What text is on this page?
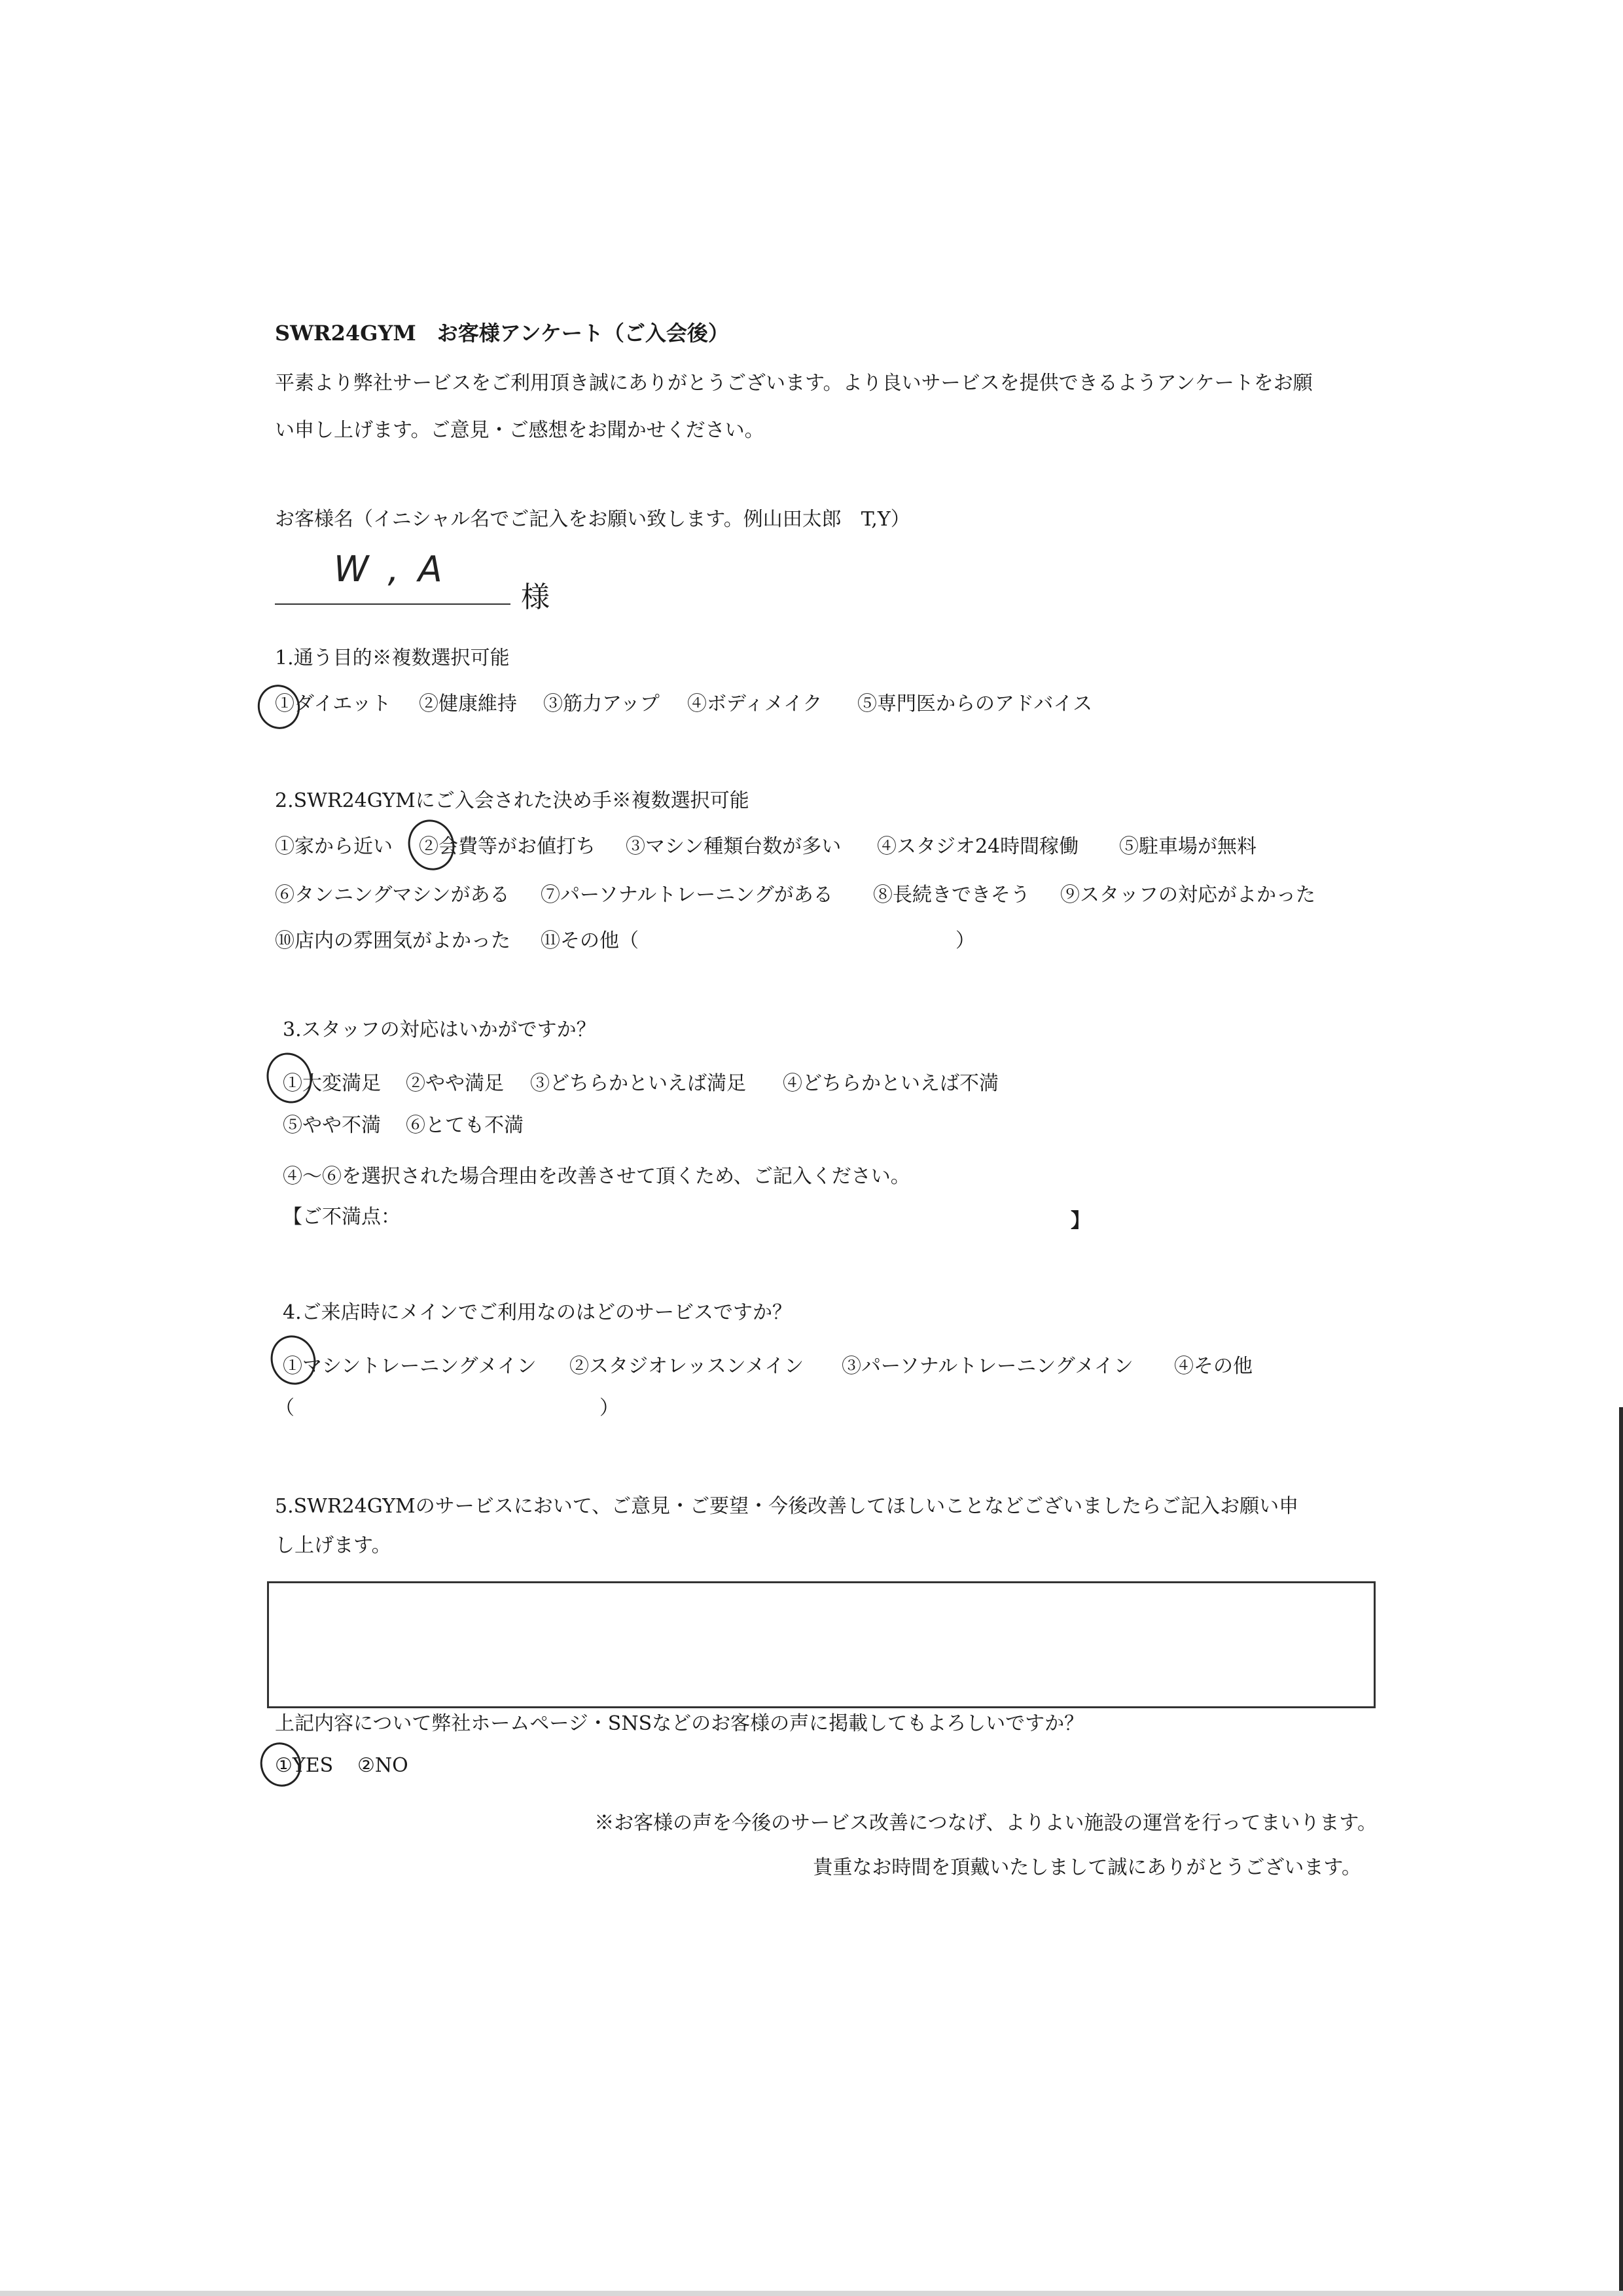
SWR24GYM　お客様アンケート（ご入会後）
平素より弊社サービスをご利用頂き誠にありがとうございます。より良いサービスを提供できるようアンケートをお願
い申し上げます。ご意見・ご感想をお聞かせください。
お客様名（イニシャル名でご記入をお願い致します。例山田太郎　T,Y）
W , A
様
1.通う目的※複数選択可能
①ダイエット ②健康維持 ③筋力アップ ④ボディメイク ⑤専門医からのアドバイス
2.SWR24GYMにご入会された決め手※複数選択可能
①家から近い ②会費等がお値打ち ③マシン種類台数が多い ④スタジオ24時間稼働 ⑤駐車場が無料
⑥タンニングマシンがある ⑦パーソナルトレーニングがある ⑧長続きできそう ⑨スタッフの対応がよかった
⑩店内の雰囲気がよかった ⑪その他（	）
3.スタッフの対応はいかがですか？
①大変満足 ②やや満足 ③どちらかといえば満足 ④どちらかといえば不満
⑤やや不満 ⑥とても不満
④～⑥を選択された場合理由を改善させて頂くため、ご記入ください。
【ご不満点：	】
4.ご来店時にメインでご利用なのはどのサービスですか？
①マシントレーニングメイン ②スタジオレッスンメイン ③パーソナルトレーニングメイン ④その他
（	）
5.SWR24GYMのサービスにおいて、ご意見・ご要望・今後改善してほしいことなどございましたらご記入お願い申
し上げます。
上記内容について弊社ホームページ・SNSなどのお客様の声に掲載してもよろしいですか？
①YES ②NO
※お客様の声を今後のサービス改善につなげ、よりよい施設の運営を行ってまいります。
貴重なお時間を頂戴いたしまして誠にありがとうございます。
